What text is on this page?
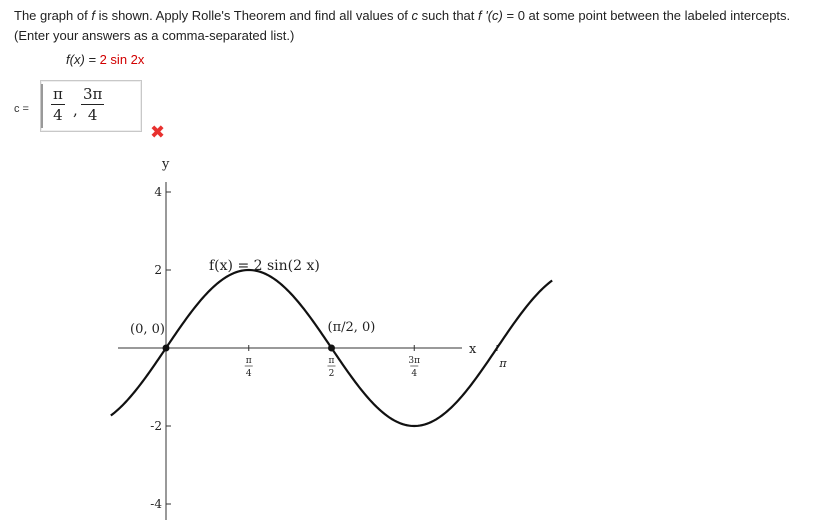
The graph of f is shown. Apply Rolle's Theorem and find all values of c such that f '(c) = 0 at some point between the labeled intercepts. (Enter your answers as a comma-separated list.)
f(x) = 2 sin 2x
c =
π
4 ,
3π
4
✖
y
x
4
2
-2
-4
π
4
π
2
3π
4
π
f(x) = 2 sin(2 x)
(0, 0)	(π/2, 0)
